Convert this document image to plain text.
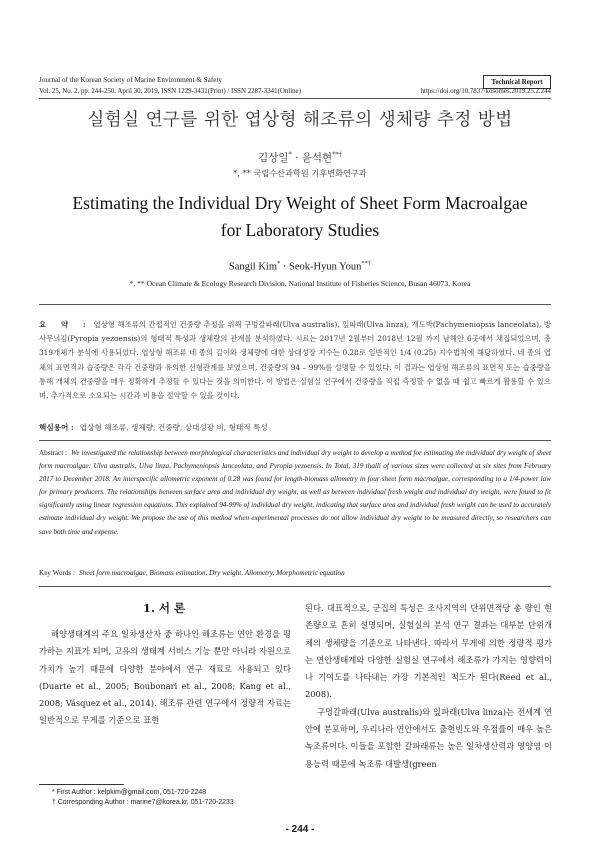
Journal of the Korean Society of Marine Environment & Safety	Technical Report
Vol. 25, No. 2, pp. 244-250, April 30, 2019, ISSN 1229-3431(Print) / ISSN 2287-3341(Online)	https://doi.org/10.7837/kosomes.2019.25.2.244
실험실 연구를 위한 엽상형 해조류의 생체량 추정 방법
김상일* · 윤석현**†
*, ** 국립수산과학원 기후변화연구과
Estimating the Individual Dry Weight of Sheet Form Macroalgae
for Laboratory Studies
Sangil Kim* · Seok-Hyun Youn**†
*, ** Ocean Climate & Ecology Research Division, National Institute of Fisheries Science, Busan 46073, Korea
요 약 : 엽상형 해조류의 간접적인 건중량 추정을 위해 구멍갈파래(Ulva australis), 잎파래(Ulva linza), 개도박(Pachymeniopsis lanceolata), 방사무늬김(Pyropia yezoensis)의 형태적 특성과 생체량의 관계를 분석하였다. 시료는 2017년 2월부터 2018년 12월 까지 남해안 6곳에서 채집되었으며, 총 319개체가 분석에 사용되었다. 엽상형 해조류 네 종의 길이와 생체량에 대한 상대성장 지수는 0.28로 일반적인 1/4 (0.25) 지수법칙에 해당하였다. 네 종의 엽체의 표면적과 습중량은 각각 건중량과 유의한 선형관계를 보였으며, 건중량의 94 – 99%를 설명할 수 있었다. 이 결과는 엽상형 해조류의 표면적 또는 습중량을 통해 개체의 건중량을 매우 정확하게 추정할 수 있다는 것을 의미한다. 이 방법은 실험실 연구에서 건중량을 직접 측정할 수 없을 때 쉽고 빠르게 활용할 수 있으며, 추가적으로 소요되는 시간과 비용을 절약할 수 있을 것이다.
핵심용어 : 엽상형 해조류, 생체량, 건중량, 상대성장 비, 형태적 특성
Abstract : We investigated the relationship between morphological characteristics and individual dry weight to develop a method for estimating the individual dry weight of sheet form macroalgae: Ulva australis, Ulva linza, Pachymeniopsis lanceolata, and Pyropia yezoensis. In Total, 319 thalli of various sizes were collected at six sites from February 2017 to December 2018. An interspecific allometric exponent of 0.28 was found for length-biomass allometry in four sheet form macroalgae, corresponding to a 1/4-power law for primary producers. The relationships between surface area and individual dry weight, as well as between individual fresh weight and individual dry weight, were found to fit significantly using linear regression equations. This explained 94-99% of individual dry weight, indicating that surface area and individual fresh weight can be used to accurately estimate individual dry weight. We propose the use of this method when experimental processes do not allow individual dry weight to be measured directly, so researchers can save both time and expense.
Key Words : Sheet form macroalgae, Biomass estimation, Dry weight, Allometry, Morphometric equation
1. 서 론

해양생태계의 주요 일차생산자 중 하나인 해조류는 연안 환경을 평가하는 지표가 되며, 고유의 생태계 서비스 기능 뿐만 아니라 자원으로 가치가 높기 때문에 다양한 분야에서 연구 재료로 사용되고 있다(Duarte et al., 2005; Boubonari et al., 2008; Kang et al., 2008; Vásquez et al., 2014). 해조류 관련 연구에서 정량적 자료는 일반적으로 무게를 기준으로 표현

된다. 대표적으로, 군집의 특성은 조사지역의 단위면적당 총 량인 현존량으로 흔히 설명되며, 실험실의 분석 연구 결과는 대부분 단위개체의 생체량을 기준으로 나타낸다. 따라서 무게에 의한 정량적 평가는 연안생태계와 다양한 실험실 연구에서 해조류가 가지는 영향력이나 기여도를 나타내는 가장 기본적인 척도가 된다(Reed et al., 2008).

구멍갈파래(Ulva australis)와 잎파래(Ulva linza)는 전세계 연안에 분포하며, 우리나라 연안에서도 출현빈도와 우점률이 매우 높은 녹조류이다. 이들을 포함한 갈파래류는 높은 일차생산력과 영양염 이용능력 때문에 녹조류 대발생(green

* First Author : kelpkim@gmail.com, 051-720-2248
† Corresponding Author : marine7@korea.kr, 051-720-2233
- 244 -
